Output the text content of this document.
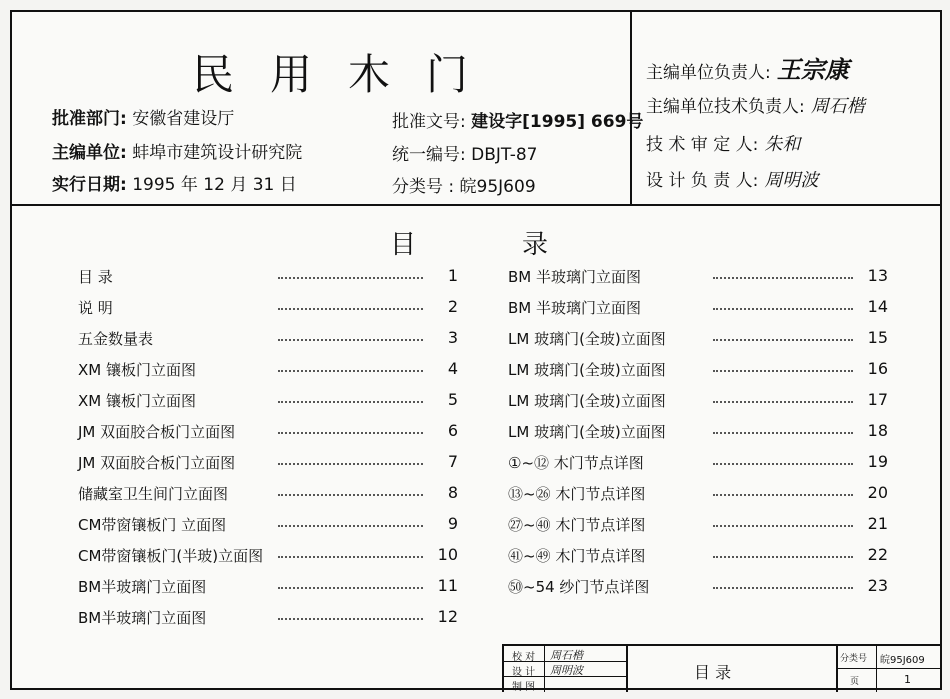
民用木门
批准部门: 安徽省建设厅
主编单位: 蚌埠市建筑设计研究院
实行日期: 1995 年 12 月 31 日
批准文号: 建设字[1995] 669号
统一编号: DBJT-87
分类号 : 皖95J609
主编单位负责人: 王宗康
主编单位技术负责人: 周石楷
技 术 审 定 人: 朱和
设 计 负 责 人: 周明波
目	录
目 录	1
说 明	2
五金数量表	3
XM 镶板门立面图	4
XM 镶板门立面图	5
JM 双面胶合板门立面图	6
JM 双面胶合板门立面图	7
储藏室卫生间门立面图	8
CM带窗镶板门 立面图	9
CM带窗镶板门(半玻)立面图	10
BM半玻璃门立面图	11
BM半玻璃门立面图	12
BM 半玻璃门立面图	13
BM 半玻璃门立面图	14
LM 玻璃门(全玻)立面图	15
LM 玻璃门(全玻)立面图	16
LM 玻璃门(全玻)立面图	17
LM 玻璃门(全玻)立面图	18
①~⑫ 木门节点详图	19
⑬~㉖ 木门节点详图	20
㉗~㊵ 木门节点详图	21
㊶~㊾ 木门节点详图	22
㊿~54 纱门节点详图	23
校 对 周石楷
设 计 周明波
制 图
目 录
分类号 皖95J609
页	1
